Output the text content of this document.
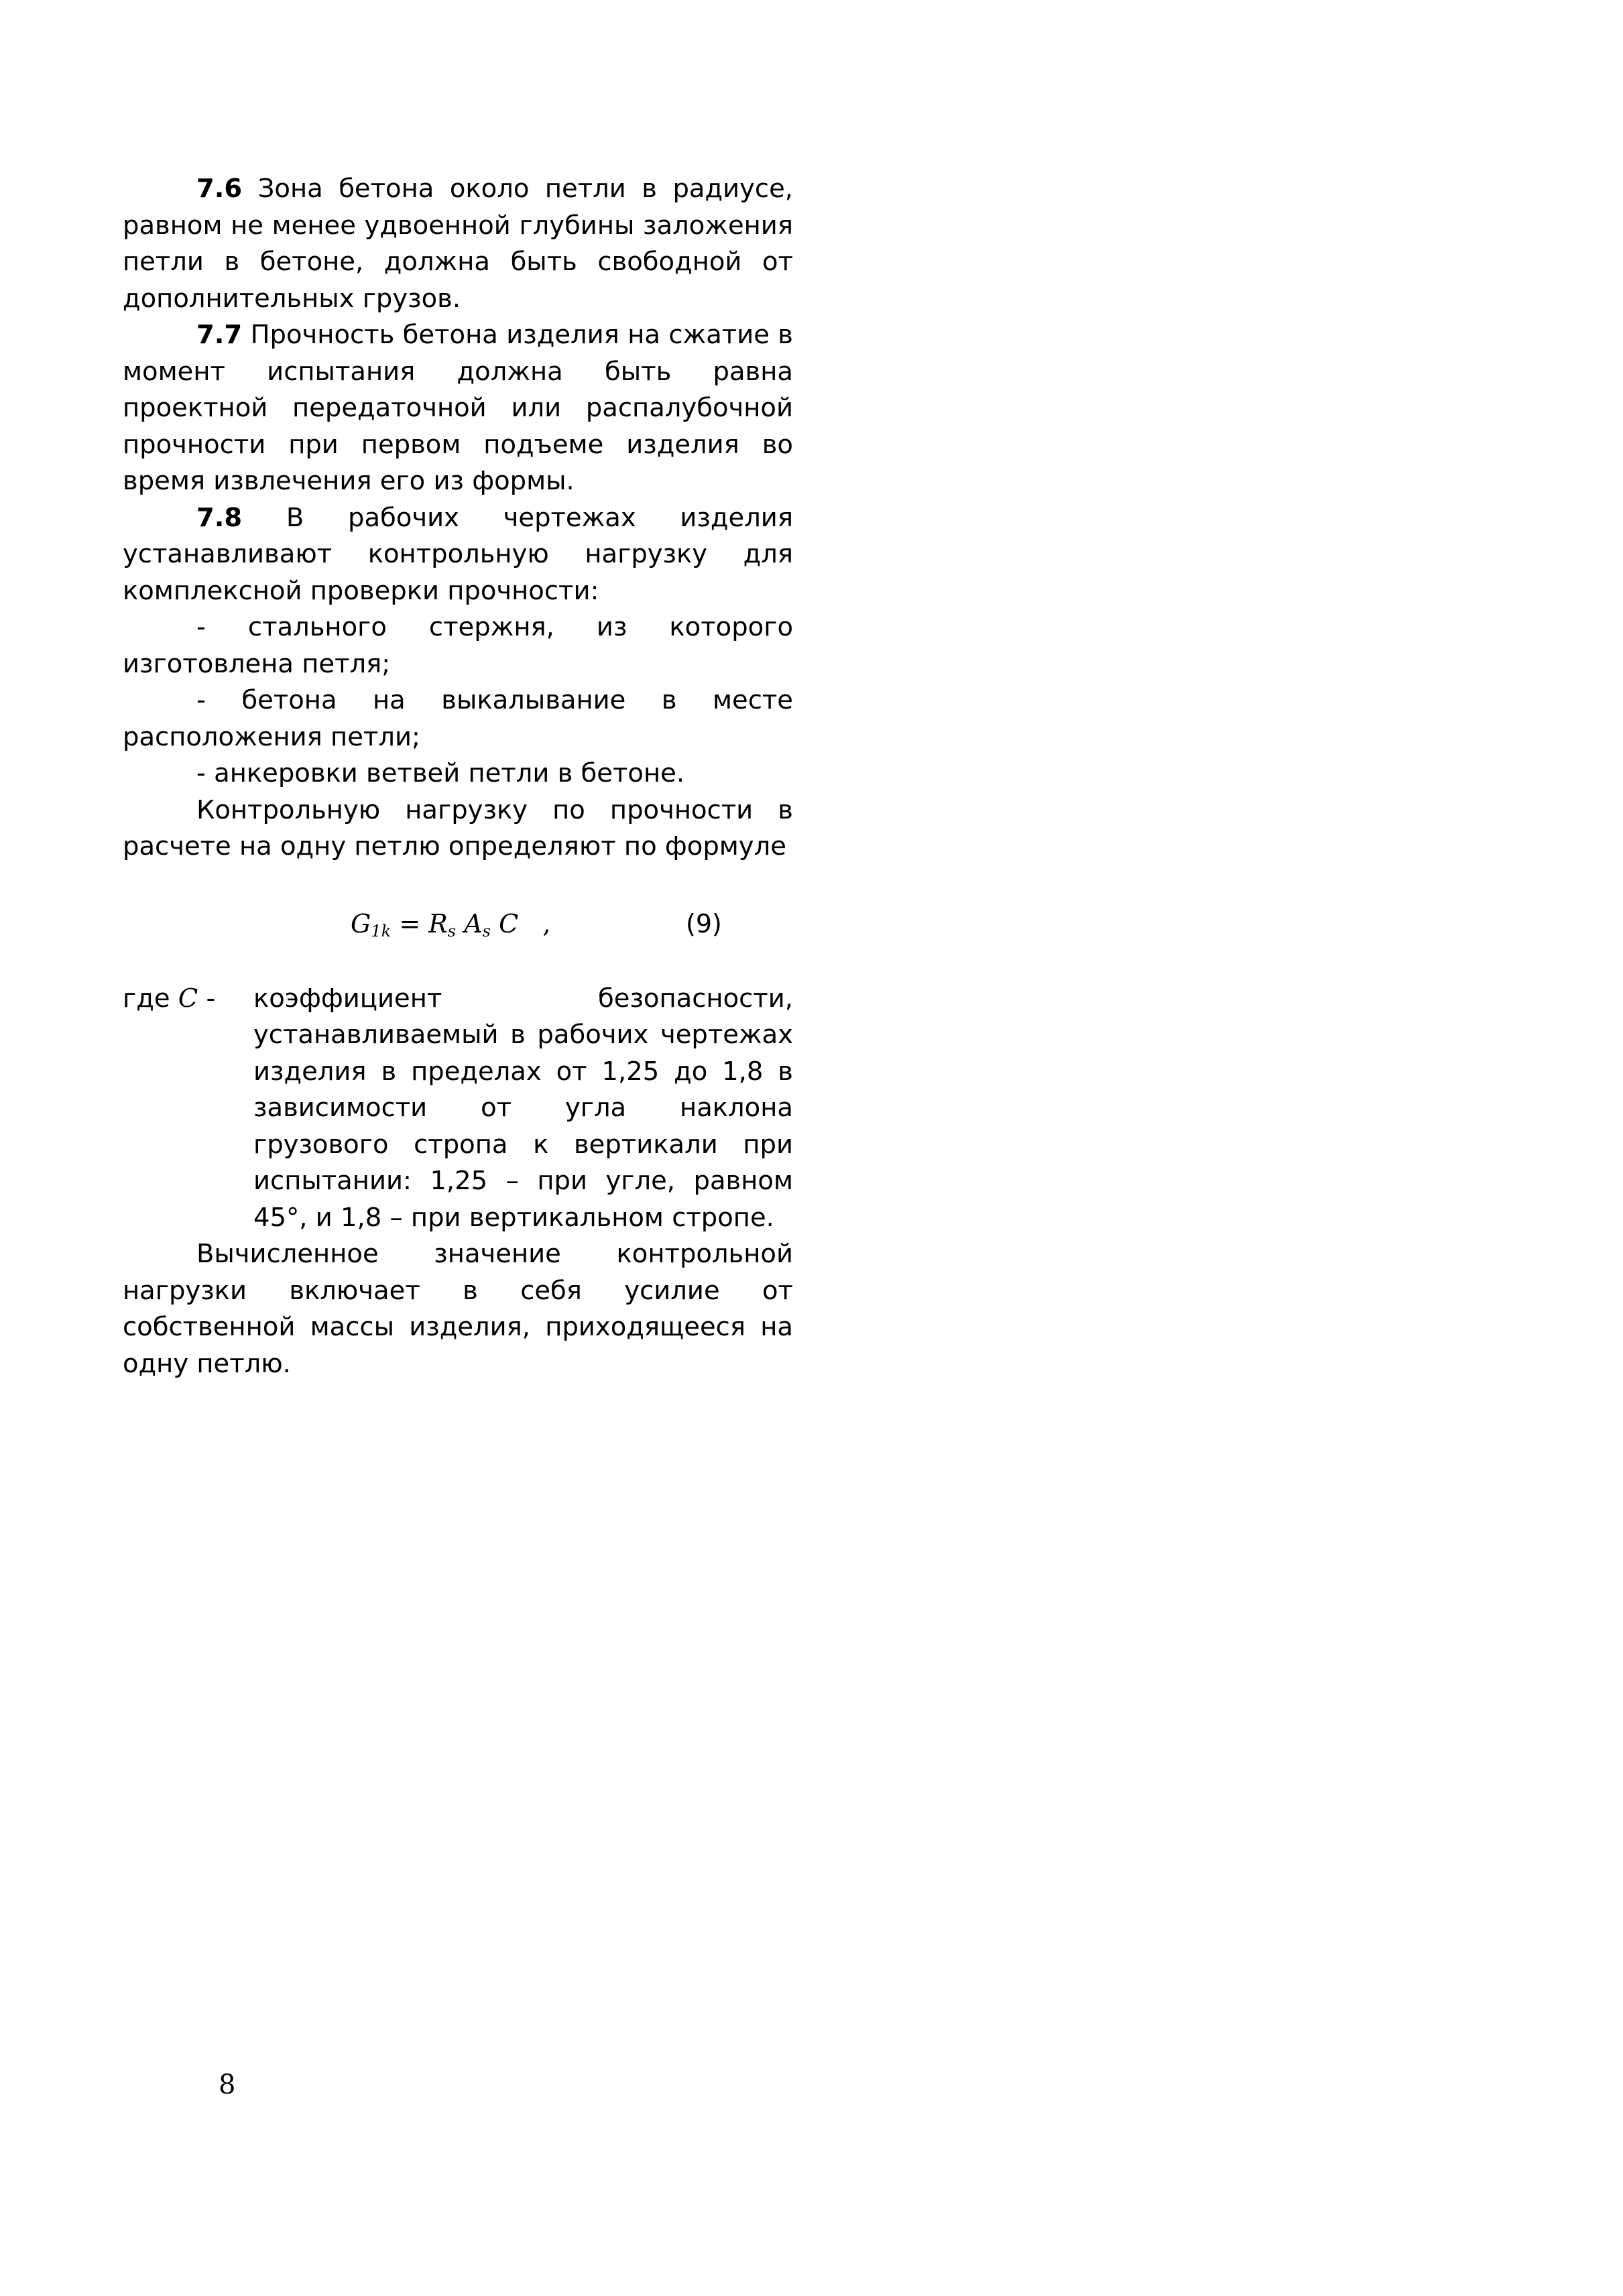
7.6 Зона бетона около петли в радиусе, равном не менее удвоенной глубины заложения петли в бетоне, должна быть свободной от дополнительных грузов.

7.7 Прочность бетона изделия на сжатие в момент испытания должна быть равна проектной передаточной или распалубочной прочности при первом подъеме изделия во время извлечения его из формы.

7.8 В рабочих чертежах изделия устанавливают контрольную нагрузку для комплексной проверки прочности:

- стального стержня, из которого изготовлена петля;

- бетона на выкалывание в месте расположения петли;

- анкеровки ветвей петли в бетоне.

Контрольную нагрузку по прочности в расчете на одну петлю определяют по формуле

$G_{1k} = R_s$ $A_s$ C ,	(9)
где C -	коэффициент безопасности, устанавливаемый в рабочих чертежах изделия в пределах от 1,25 до 1,8 в зависимости от угла наклона грузового стропа к вертикали при испытании: 1,25 – при угле, равном 45°, и 1,8 – при вертикальном стропе.

Вычисленное значение контрольной нагрузки включает в себя усилие от собственной массы изделия, приходящееся на одну петлю.

8
